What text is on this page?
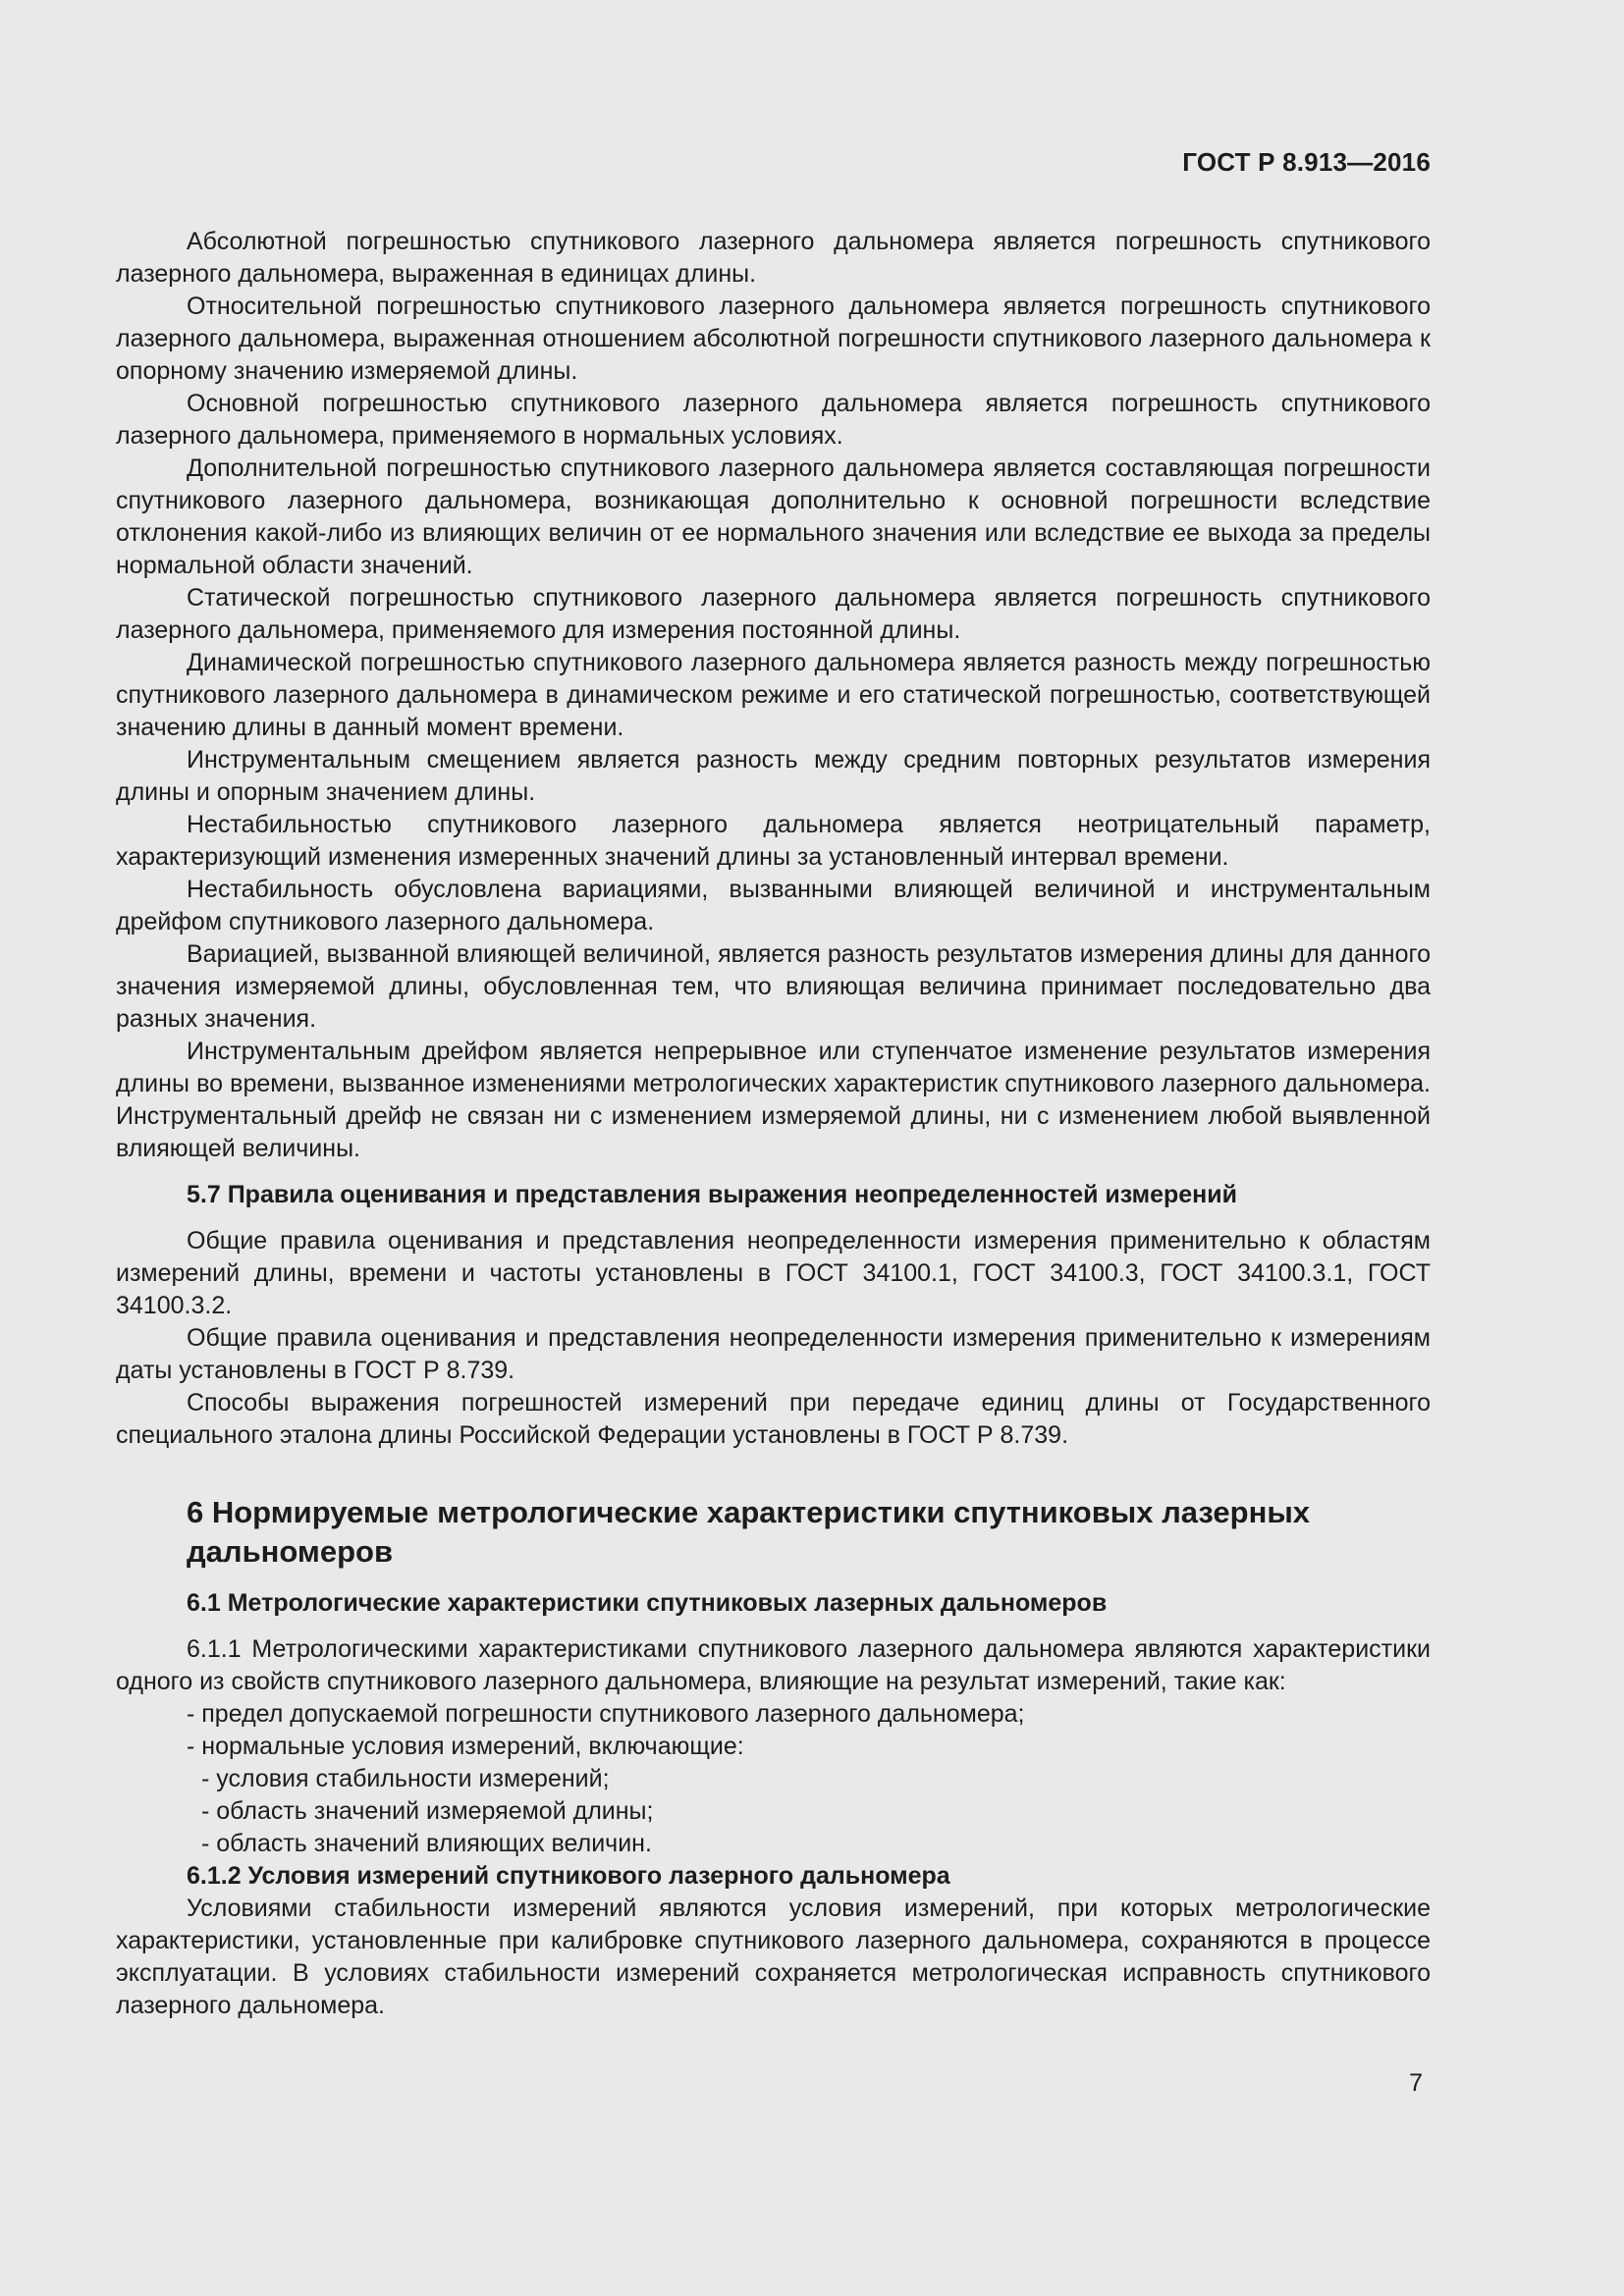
ГОСТ Р 8.913—2016

Абсолютной погрешностью спутникового лазерного дальномера является погрешность спутникового лазерного дальномера, выраженная в единицах длины.

Относительной погрешностью спутникового лазерного дальномера является погрешность спутникового лазерного дальномера, выраженная отношением абсолютной погрешности спутникового лазерного дальномера к опорному значению измеряемой длины.

Основной погрешностью спутникового лазерного дальномера является погрешность спутникового лазерного дальномера, применяемого в нормальных условиях.

Дополнительной погрешностью спутникового лазерного дальномера является составляющая погрешности спутникового лазерного дальномера, возникающая дополнительно к основной погрешности вследствие отклонения какой-либо из влияющих величин от ее нормального значения или вследствие ее выхода за пределы нормальной области значений.

Статической погрешностью спутникового лазерного дальномера является погрешность спутникового лазерного дальномера, применяемого для измерения постоянной длины.

Динамической погрешностью спутникового лазерного дальномера является разность между погрешностью спутникового лазерного дальномера в динамическом режиме и его статической погрешностью, соответствующей значению длины в данный момент времени.

Инструментальным смещением является разность между средним повторных результатов измерения длины и опорным значением длины.

Нестабильностью спутникового лазерного дальномера является неотрицательный параметр, характеризующий изменения измеренных значений длины за установленный интервал времени.

Нестабильность обусловлена вариациями, вызванными влияющей величиной и инструментальным дрейфом спутникового лазерного дальномера.

Вариацией, вызванной влияющей величиной, является разность результатов измерения длины для данного значения измеряемой длины, обусловленная тем, что влияющая величина принимает последовательно два разных значения.

Инструментальным дрейфом является непрерывное или ступенчатое изменение результатов измерения длины во времени, вызванное изменениями метрологических характеристик спутникового лазерного дальномера. Инструментальный дрейф не связан ни с изменением измеряемой длины, ни с изменением любой выявленной влияющей величины.

5.7 Правила оценивания и представления выражения неопределенностей измерений

Общие правила оценивания и представления неопределенности измерения применительно к областям измерений длины, времени и частоты установлены в ГОСТ 34100.1, ГОСТ 34100.3, ГОСТ 34100.3.1, ГОСТ 34100.3.2.

Общие правила оценивания и представления неопределенности измерения применительно к измерениям даты установлены в ГОСТ Р 8.739.

Способы выражения погрешностей измерений при передаче единиц длины от Государственного специального эталона длины Российской Федерации установлены в ГОСТ Р 8.739.

6 Нормируемые метрологические характеристики спутниковых лазерных дальномеров
6.1 Метрологические характеристики спутниковых лазерных дальномеров

6.1.1 Метрологическими характеристиками спутникового лазерного дальномера являются характеристики одного из свойств спутникового лазерного дальномера, влияющие на результат измерений, такие как:

- предел допускаемой погрешности спутникового лазерного дальномера;
- нормальные условия измерений, включающие:
- условия стабильности измерений;
- область значений измеряемой длины;
- область значений влияющих величин.
6.1.2 Условия измерений спутникового лазерного дальномера

Условиями стабильности измерений являются условия измерений, при которых метрологические характеристики, установленные при калибровке спутникового лазерного дальномера, сохраняются в процессе эксплуатации. В условиях стабильности измерений сохраняется метрологическая исправность спутникового лазерного дальномера.

7
